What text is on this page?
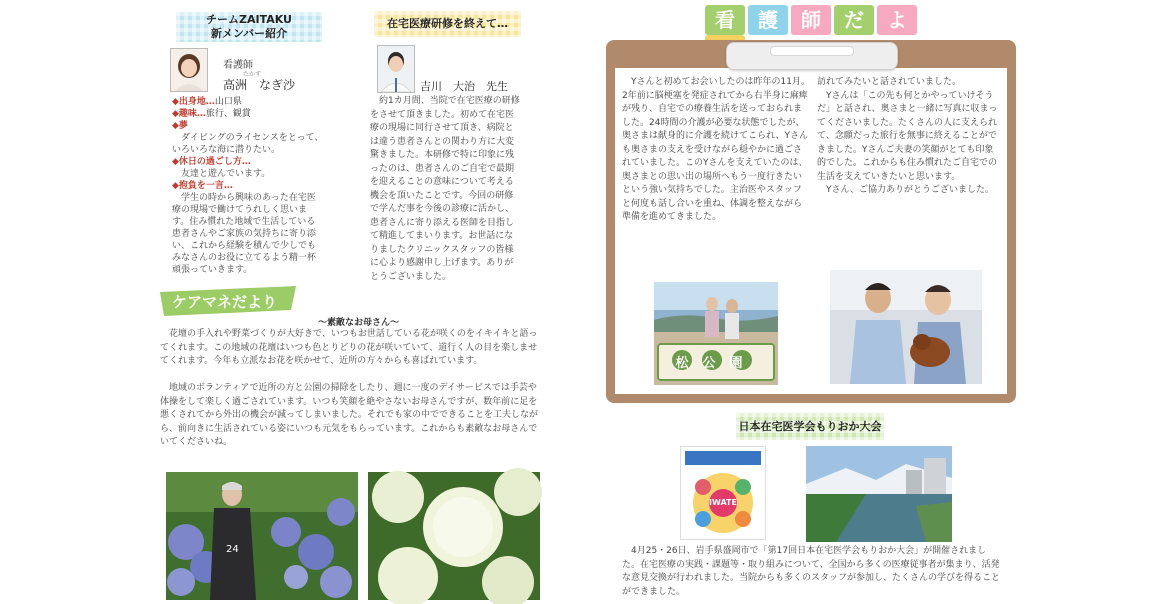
チームZAITAKU
新メンバー紹介
看護師
たかす
高洲　なぎ沙
◆出身地…山口県
◆趣味…旅行、観賞
◆夢
　ダイビングのライセンスをとって、いろいろな海に潜りたい。
◆休日の過ごし方…
　友達と遊んでいます。
◆抱負を一言…
　学生の時から興味のあった在宅医療の現場で働けてうれしく思います。住み慣れた地域で生活している患者さんやご家族の気持ちに寄り添い、これから経験を積んで少しでもみなさんのお役に立てるよう精一杯頑張っていきます。
在宅医療研修を終えて…
吉川　大治　先生
　約1カ月間、当院で在宅医療の研修をさせて頂きました。初めて在宅医療の現場に同行させて頂き、病院とは違う患者さんとの関わり方に大変驚きました。本研修で特に印象に残ったのは、患者さんのご自宅で最期を迎えることの意味について考える機会を頂いたことです。今回の研修で学んだ事を今後の診療に活かし、患者さんに寄り添える医師を目指して精進してまいります。お世話になりましたクリニックスタッフの皆様に心より感謝申し上げます。ありがとうございました。
ケアマネだより
～素敵なお母さん～
　花壇の手入れや野菜づくりが大好きで、いつもお世話している花が咲くのをイキイキと語ってくれます。この地域の花壇はいつも色とりどりの花が咲いていて、道行く人の目を楽しませてくれます。今年も立派なお花を咲かせて、近所の方々からも喜ばれています。
　地域のボランティアで近所の方と公園の掃除をしたり、週に一度のデイサービスでは手芸や体操をして楽しく過ごされています。いつも笑顔を絶やさないお母さんですが、数年前に足を悪くされてから外出の機会が減ってしまいました。それでも家の中でできることを工夫しながら、前向きに生活されている姿にいつも元気をもらっています。これからも素敵なお母さんでいてくださいね。
24
看 護 師 だ よ
　Yさんと初めてお会いしたのは昨年の11月。2年前に脳梗塞を発症されてから右半身に麻痺が残り、自宅での療養生活を送っておられました。24時間の介護が必要な状態でしたが、奥さまは献身的に介護を続けてこられ、Yさんも奥さまの支えを受けながら穏やかに過ごされていました。このYさんを支えていたのは、奥さまとの思い出の場所へもう一度行きたいという強い気持ちでした。主治医やスタッフと何度も話し合いを重ね、体調を整えながら準備を進めてきました。
訪れてみたいと話されていました。
　Yさんは「この先も何とかやっていけそうだ」と話され、奥さまと一緒に写真に収まってくださいました。たくさんの人に支えられて、念願だった旅行を無事に終えることができました。Yさんご夫妻の笑顔がとても印象的でした。これからも住み慣れたご自宅での生活を支えていきたいと思います。
　Yさん、ご協力ありがとうございました。
松公園
日本在宅医学会もりおか大会
IWATE
　4月25・26日、岩手県盛岡市で「第17回日本在宅医学会もりおか大会」が開催されました。在宅医療の実践・課題等・取り組みについて、全国から多くの医療従事者が集まり、活発な意見交換が行われました。当院からも多くのスタッフが参加し、たくさんの学びを得ることができました。
